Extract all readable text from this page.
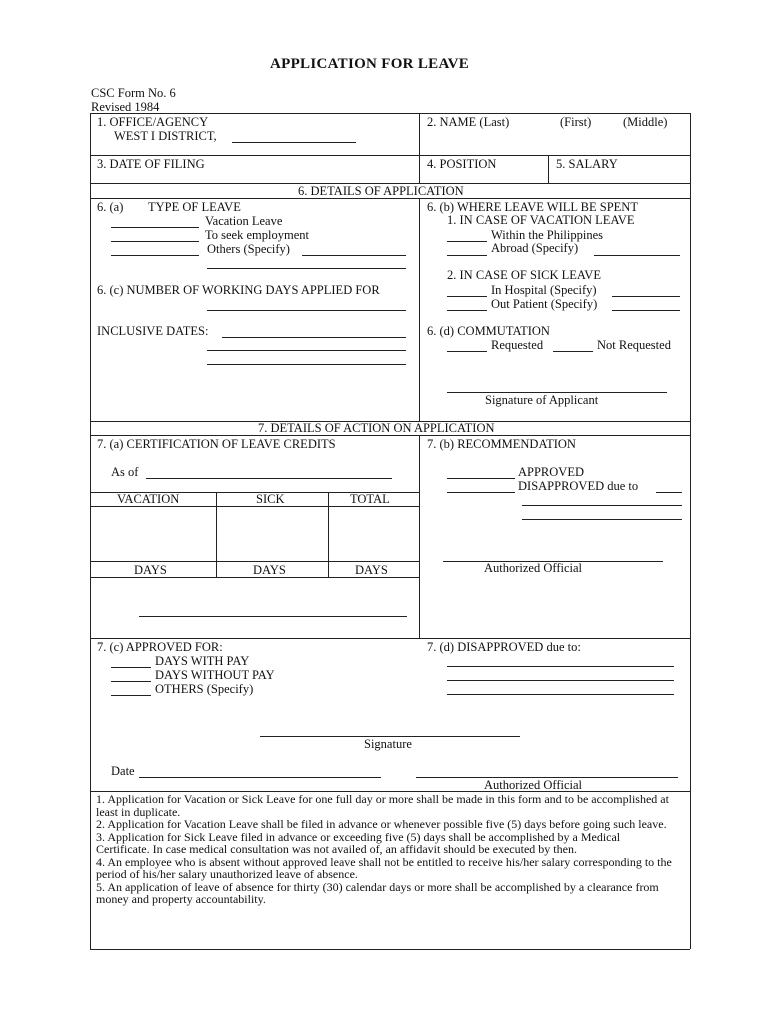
APPLICATION FOR LEAVE
CSC Form No. 6
Revised 1984
1. OFFICE/AGENCY
WEST I DISTRICT,
2. NAME (Last)	(First)	(Middle)
3. DATE OF FILING	4. POSITION	5. SALARY
6. DETAILS OF APPLICATION
6. (a) TYPE OF LEAVE
Vacation Leave
To seek employment
Others (Specify)
6. (c) NUMBER OF WORKING DAYS APPLIED FOR
INCLUSIVE DATES:
6. (b) WHERE LEAVE WILL BE SPENT
1. IN CASE OF VACATION LEAVE
Within the Philippines
Abroad (Specify)
2. IN CASE OF SICK LEAVE
In Hospital (Specify)
Out Patient (Specify)
6. (d) COMMUTATION
Requested	Not Requested
Signature of Applicant
7. DETAILS OF ACTION ON APPLICATION
7. (a) CERTIFICATION OF LEAVE CREDITS
As of
VACATION	SICK	TOTAL
DAYS	DAYS	DAYS
7. (b) RECOMMENDATION
APPROVED
DISAPPROVED due to
Authorized Official
7. (c) APPROVED FOR:
DAYS WITH PAY
DAYS WITHOUT PAY
OTHERS (Specify)
7. (d) DISAPPROVED due to:
Signature
Date
Authorized Official

1. Application for Vacation or Sick Leave for one full day or more shall be made in this form and to be accomplished at least in duplicate.

2. Application for Vacation Leave shall be filed in advance or whenever possible five (5) days before going such leave.

3. Application for Sick Leave filed in advance or exceeding five (5) days shall be accomplished by a Medical Certificate. In case medical consultation was not availed of, an affidavit should be executed by then.

4. An employee who is absent without approved leave shall not be entitled to receive his/her salary corresponding to the period of his/her salary unauthorized leave of absence.

5. An application of leave of absence for thirty (30) calendar days or more shall be accomplished by a clearance from money and property accountability.
